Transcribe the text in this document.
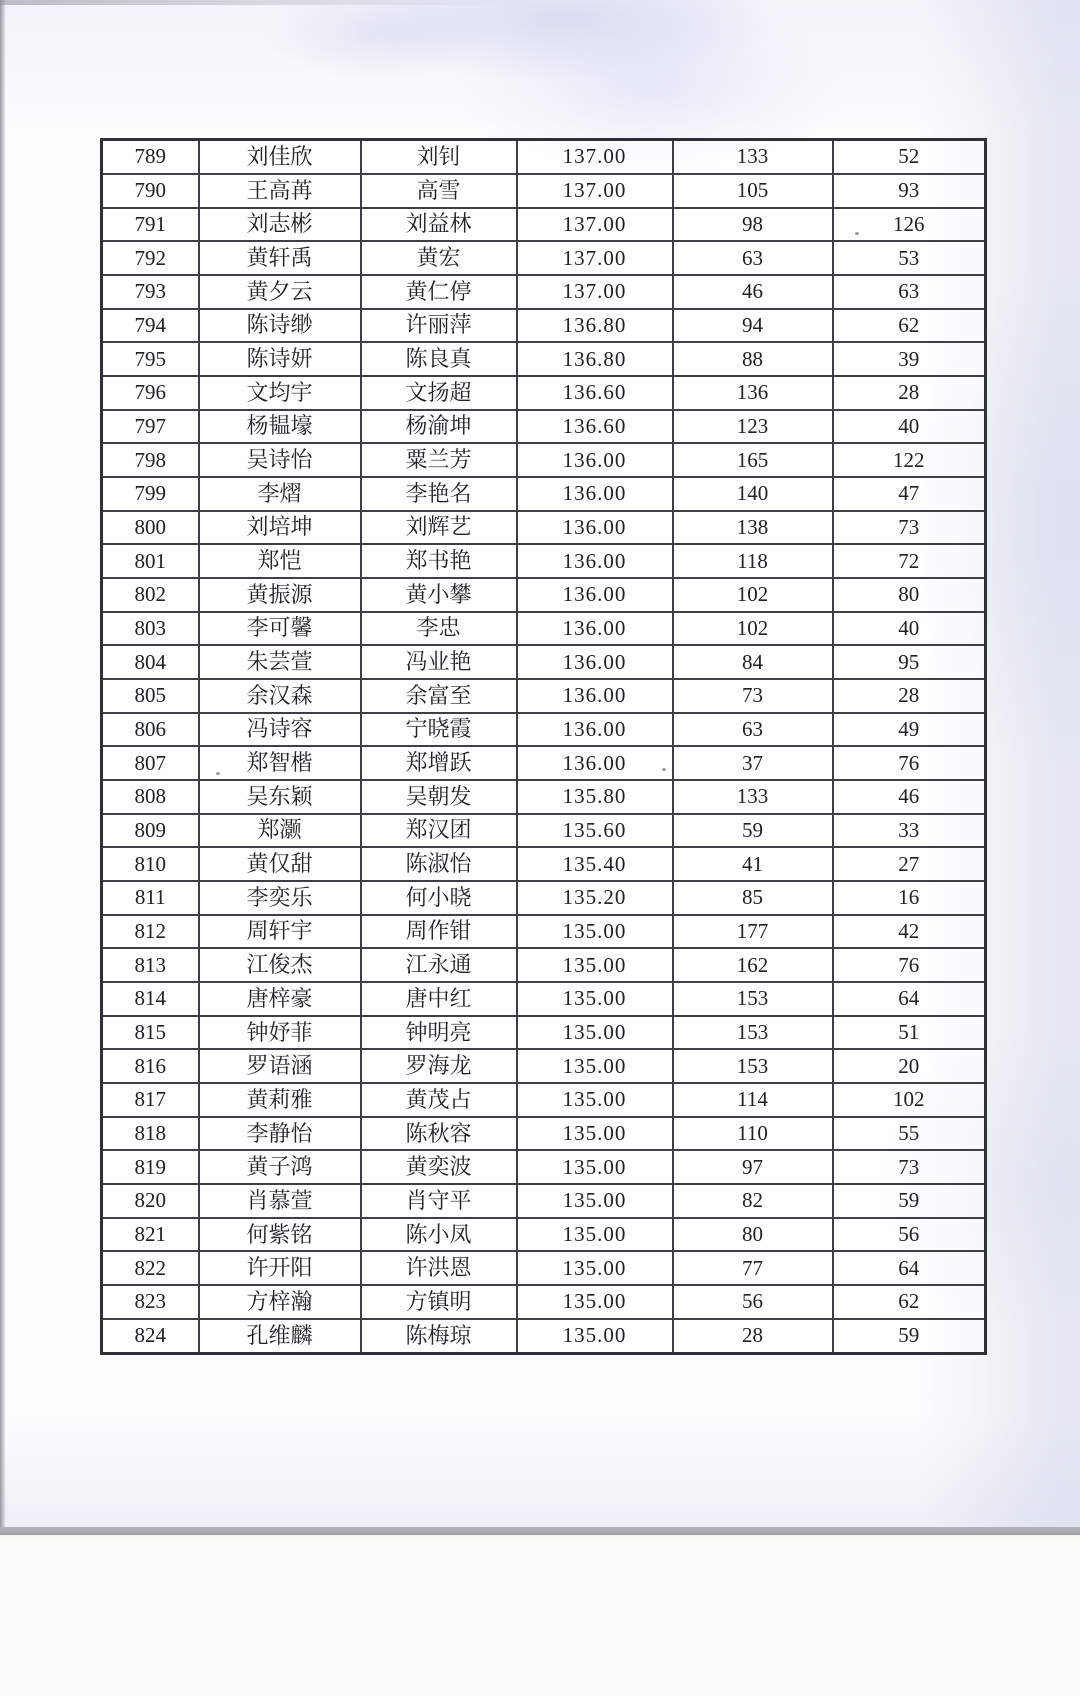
789	刘佳欣	刘钊	137.00	133	52
790	王高苒	高雪	137.00	105	93
791	刘志彬	刘益林	137.00	98	126
792	黄轩禹	黄宏	137.00	63	53
793	黄夕云	黄仁停	137.00	46	63
794	陈诗缈	许丽萍	136.80	94	62
795	陈诗妍	陈良真	136.80	88	39
796	文均宇	文扬超	136.60	136	28
797	杨韫壕	杨渝坤	136.60	123	40
798	吴诗怡	粟兰芳	136.00	165	122
799	李熠	李艳名	136.00	140	47
800	刘培坤	刘辉艺	136.00	138	73
801	郑恺	郑书艳	136.00	118	72
802	黄振源	黄小攀	136.00	102	80
803	李可馨	李忠	136.00	102	40
804	朱芸萱	冯业艳	136.00	84	95
805	余汉森	余富至	136.00	73	28
806	冯诗容	宁晓霞	136.00	63	49
807	郑智楷	郑增跃	136.00	37	76
808	吴东颖	吴朝发	135.80	133	46
809	郑灏	郑汉团	135.60	59	33
810	黄仅甜	陈淑怡	135.40	41	27
811	李奕乐	何小晓	135.20	85	16
812	周轩宇	周作钳	135.00	177	42
813	江俊杰	江永通	135.00	162	76
814	唐梓豪	唐中红	135.00	153	64
815	钟妤菲	钟明亮	135.00	153	51
816	罗语涵	罗海龙	135.00	153	20
817	黄莉雅	黄茂占	135.00	114	102
818	李静怡	陈秋容	135.00	110	55
819	黄子鸿	黄奕波	135.00	97	73
820	肖慕萱	肖守平	135.00	82	59
821	何紫铭	陈小凤	135.00	80	56
822	许开阳	许洪恩	135.00	77	64
823	方梓瀚	方镇明	135.00	56	62
824	孔维麟	陈梅琼	135.00	28	59
